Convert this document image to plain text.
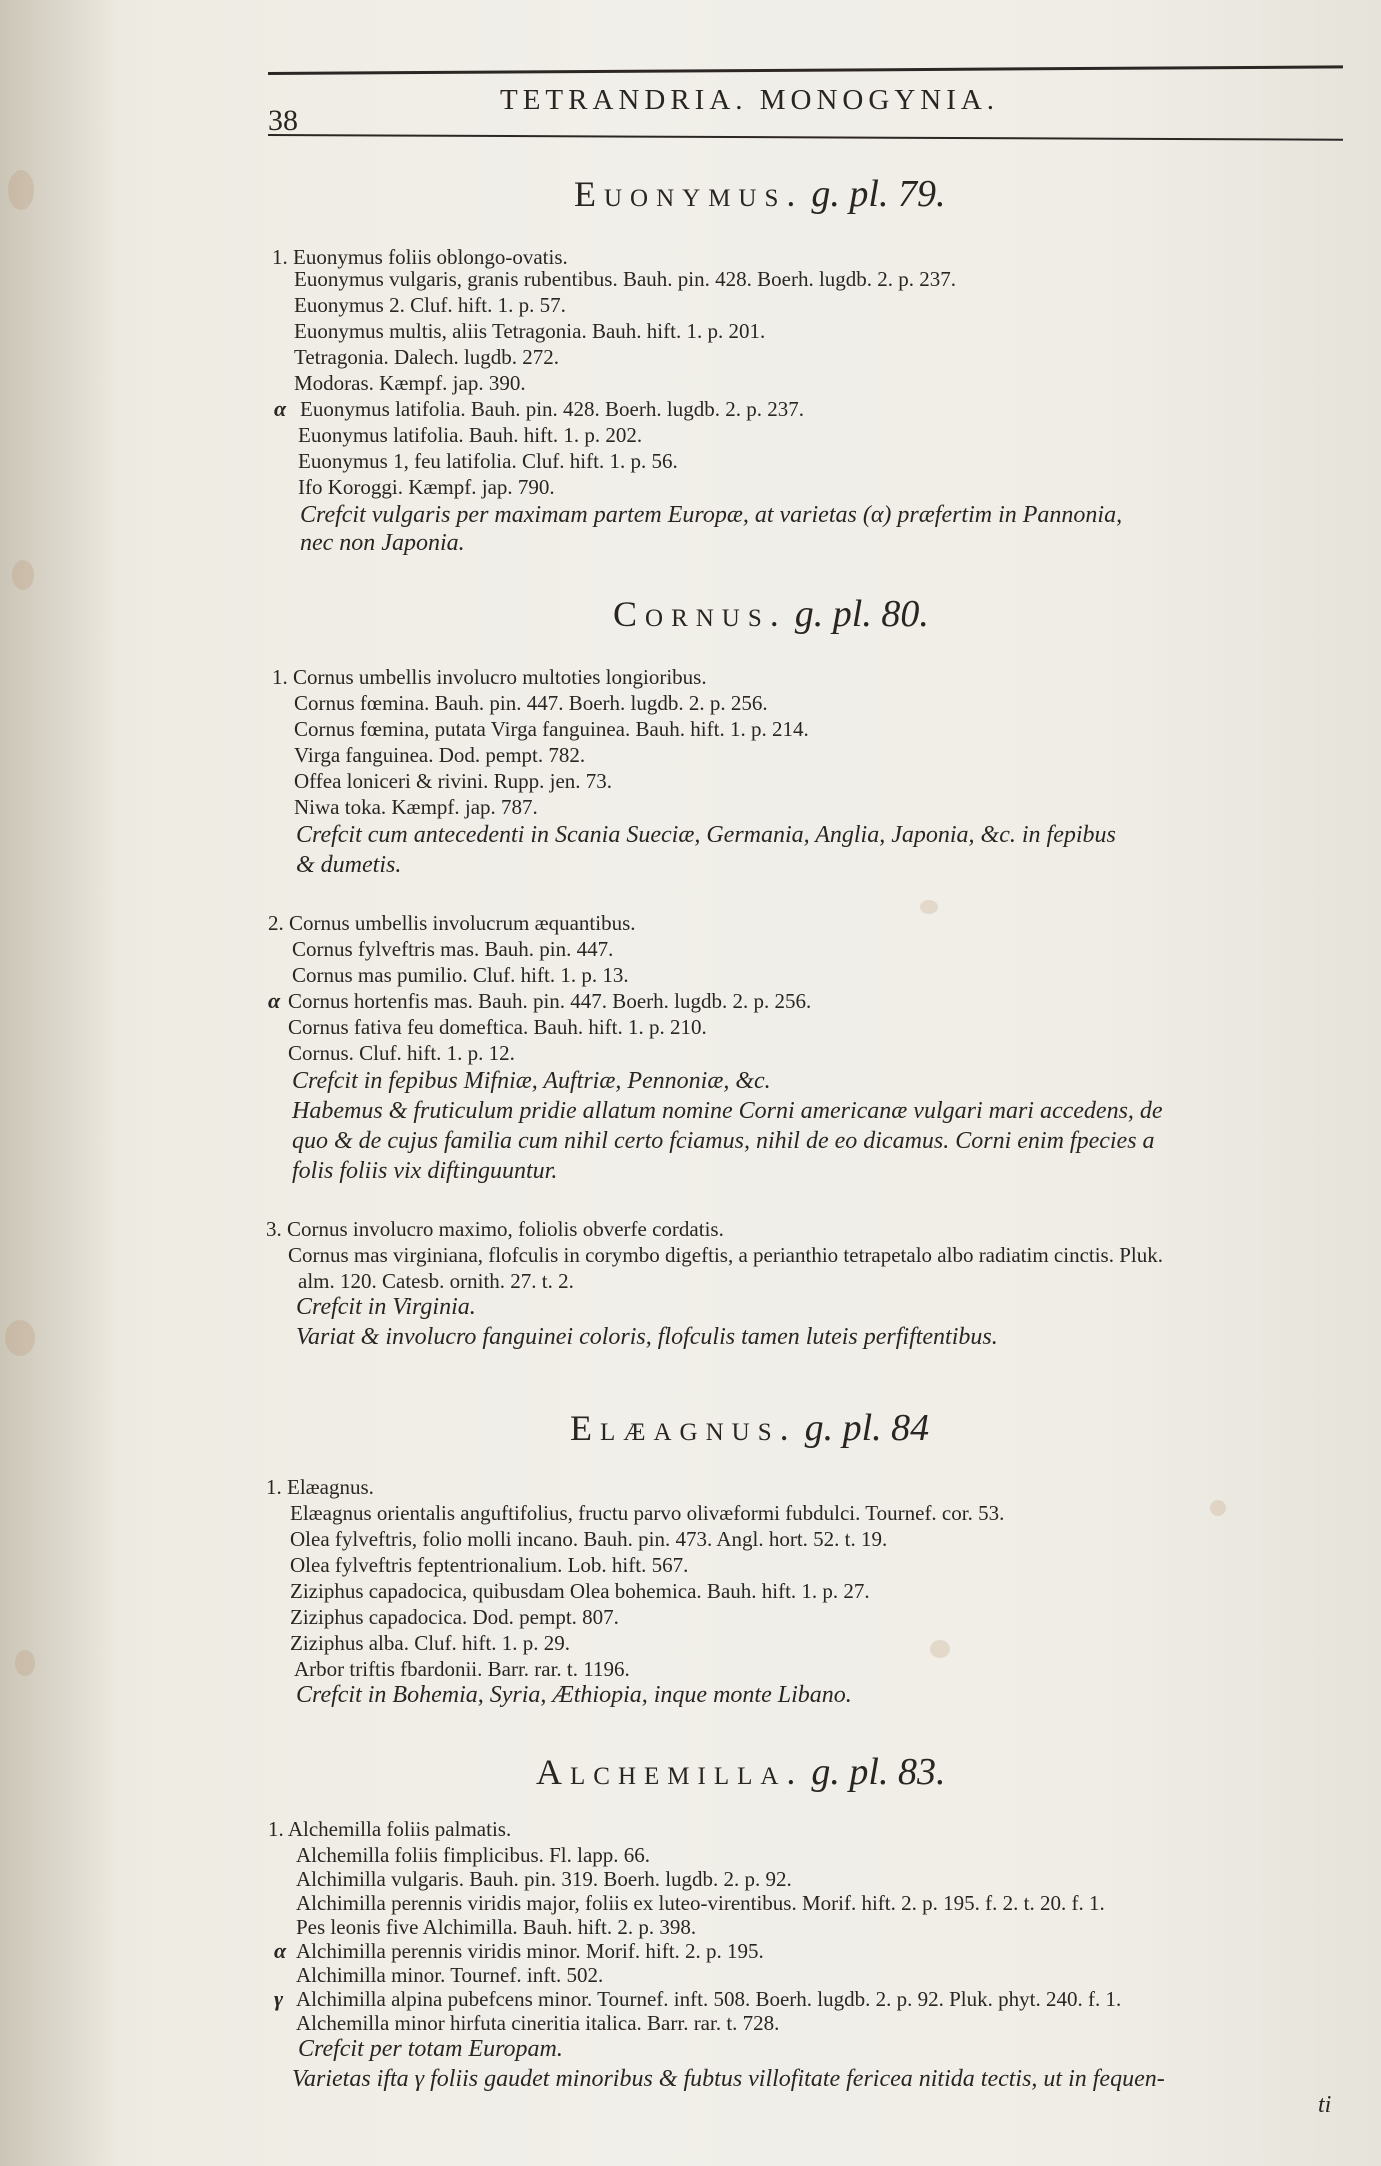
38
TETRANDRIA. MONOGYNIA.
Euonymus. g. pl. 79.
1. Euonymus foliis oblongo-ovatis.
Euonymus vulgaris, granis rubentibus. Bauh. pin. 428. Boerh. lugdb. 2. p. 237.
Euonymus 2. Cluf. hift. 1. p. 57.
Euonymus multis, aliis Tetragonia. Bauh. hift. 1. p. 201.
Tetragonia. Dalech. lugdb. 272.
Modoras. Kæmpf. jap. 390.
α Euonymus latifolia. Bauh. pin. 428. Boerh. lugdb. 2. p. 237.
Euonymus latifolia. Bauh. hift. 1. p. 202.
Euonymus 1, feu latifolia. Cluf. hift. 1. p. 56.
Ifo Koroggi. Kæmpf. jap. 790.
Crefcit vulgaris per maximam partem Europæ, at varietas (α) præfertim in Pannonia,
nec non Japonia.
Cornus. g. pl. 80.
1. Cornus umbellis involucro multoties longioribus.
Cornus fœmina. Bauh. pin. 447. Boerh. lugdb. 2. p. 256.
Cornus fœmina, putata Virga fanguinea. Bauh. hift. 1. p. 214.
Virga fanguinea. Dod. pempt. 782.
Offea loniceri & rivini. Rupp. jen. 73.
Niwa toka. Kæmpf. jap. 787.
Crefcit cum antecedenti in Scania Sueciæ, Germania, Anglia, Japonia, &c. in fepibus
& dumetis.
2. Cornus umbellis involucrum æquantibus.
Cornus fylveftris mas. Bauh. pin. 447.
Cornus mas pumilio. Cluf. hift. 1. p. 13.
α Cornus hortenfis mas. Bauh. pin. 447. Boerh. lugdb. 2. p. 256.
Cornus fativa feu domeftica. Bauh. hift. 1. p. 210.
Cornus. Cluf. hift. 1. p. 12.
Crefcit in fepibus Mifniæ, Auftriæ, Pennoniæ, &c.
Habemus & fruticulum pridie allatum nomine Corni americanæ vulgari mari accedens, de
quo & de cujus familia cum nihil certo fciamus, nihil de eo dicamus. Corni enim fpecies a
folis foliis vix diftinguuntur.
3. Cornus involucro maximo, foliolis obverfe cordatis.
Cornus mas virginiana, flofculis in corymbo digeftis, a perianthio tetrapetalo albo radiatim cinctis. Pluk.
alm. 120. Catesb. ornith. 27. t. 2.
Crefcit in Virginia.
Variat & involucro fanguinei coloris, flofculis tamen luteis perfiftentibus.
Elæagnus. g. pl. 84
1. Elæagnus.
Elæagnus orientalis anguftifolius, fructu parvo olivæformi fubdulci. Tournef. cor. 53.
Olea fylveftris, folio molli incano. Bauh. pin. 473. Angl. hort. 52. t. 19.
Olea fylveftris feptentrionalium. Lob. hift. 567.
Ziziphus capadocica, quibusdam Olea bohemica. Bauh. hift. 1. p. 27.
Ziziphus capadocica. Dod. pempt. 807.
Ziziphus alba. Cluf. hift. 1. p. 29.
Arbor triftis fbardonii. Barr. rar. t. 1196.
Crefcit in Bohemia, Syria, Æthiopia, inque monte Libano.
Alchemilla. g. pl. 83.
1. Alchemilla foliis palmatis.
Alchemilla foliis fimplicibus. Fl. lapp. 66.
Alchimilla vulgaris. Bauh. pin. 319. Boerh. lugdb. 2. p. 92.
Alchimilla perennis viridis major, foliis ex luteo-virentibus. Morif. hift. 2. p. 195. f. 2. t. 20. f. 1.
Pes leonis five Alchimilla. Bauh. hift. 2. p. 398.
α Alchimilla perennis viridis minor. Morif. hift. 2. p. 195.
Alchimilla minor. Tournef. inft. 502.
γ Alchimilla alpina pubefcens minor. Tournef. inft. 508. Boerh. lugdb. 2. p. 92. Pluk. phyt. 240. f. 1.
Alchemilla minor hirfuta cineritia italica. Barr. rar. t. 728.
Crefcit per totam Europam.
Varietas ifta γ foliis gaudet minoribus & fubtus villofitate fericea nitida tectis, ut in fequen-
ti
